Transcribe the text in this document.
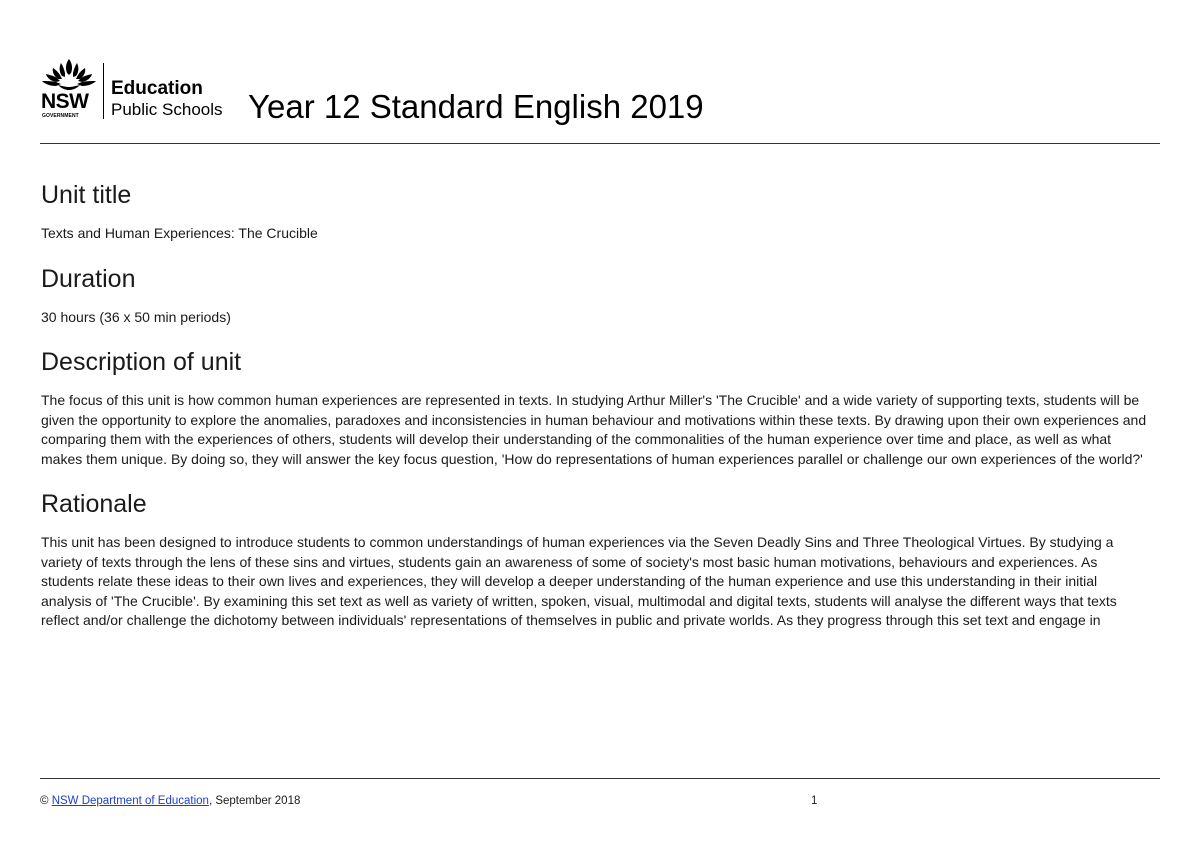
NSW
GOVERNMENT
Education
Public Schools Year 12 Standard English 2019
Unit title

Texts and Human Experiences: The Crucible

Duration

30 hours (36 x 50 min periods)

Description of unit

The focus of this unit is how common human experiences are represented in texts. In studying Arthur Miller's 'The Crucible' and a wide variety of supporting texts, students will be given the opportunity to explore the anomalies, paradoxes and inconsistencies in human behaviour and motivations within these texts. By drawing upon their own experiences and comparing them with the experiences of others, students will develop their understanding of the commonalities of the human experience over time and place, as well as what makes them unique. By doing so, they will answer the key focus question, 'How do representations of human experiences parallel or challenge our own experiences of the world?'

Rationale

This unit has been designed to introduce students to common understandings of human experiences via the Seven Deadly Sins and Three Theological Virtues. By studying a variety of texts through the lens of these sins and virtues, students gain an awareness of some of society's most basic human motivations, behaviours and experiences. As students relate these ideas to their own lives and experiences, they will develop a deeper understanding of the human experience and use this understanding in their initial analysis of 'The Crucible'. By examining this set text as well as variety of written, spoken, visual, multimodal and digital texts, students will analyse the different ways that texts reflect and/or challenge the dichotomy between individuals' representations of themselves in public and private worlds. As they progress through this set text and engage in

© NSW Department of Education, September 2018	1
